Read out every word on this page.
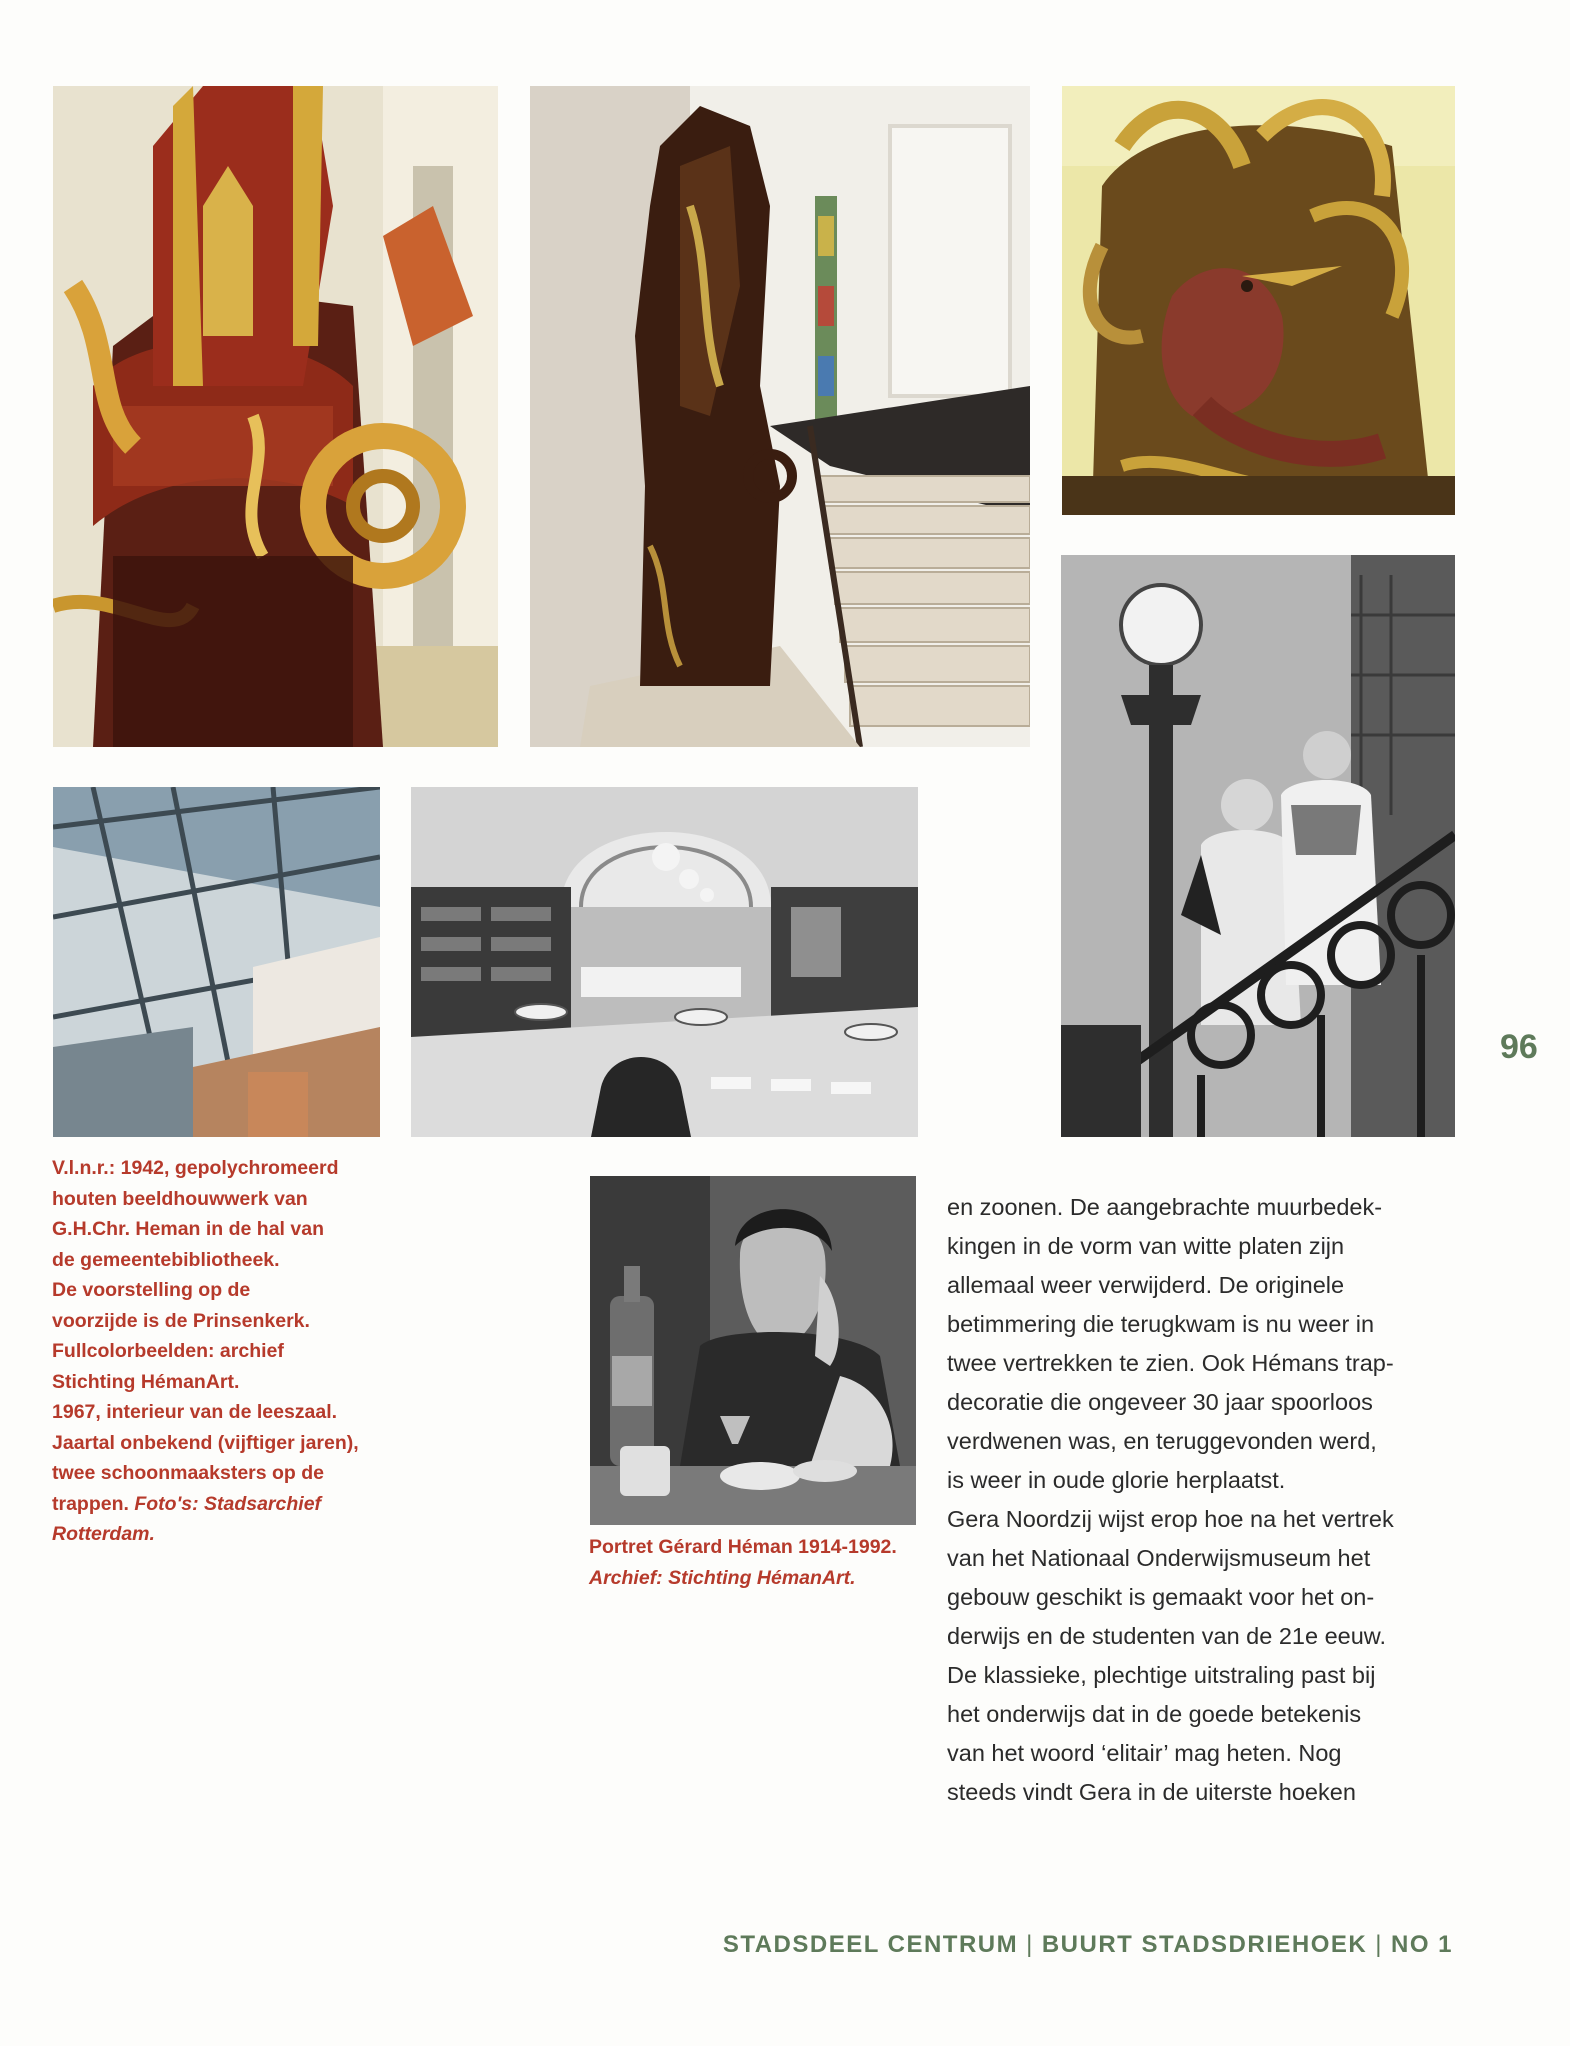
V.l.n.r.: 1942, gepolychromeerd
houten beeldhouwwerk van
G.H.Chr. Heman in de hal van
de gemeentebibliotheek.
De voorstelling op de
voorzijde is de Prinsenkerk.
Fullcolorbeelden: archief
Stichting HémanArt.
1967, interieur van de leeszaal.
Jaartal onbekend (vijftiger jaren),
twee schoonmaaksters op de
trappen. Foto's: Stadsarchief
Rotterdam.
Portret Gérard Héman 1914-1992.
Archief: Stichting HémanArt.
en zoonen. De aangebrachte muurbedek-
kingen in de vorm van witte platen zijn
allemaal weer verwijderd. De originele
betimmering die terugkwam is nu weer in
twee vertrekken te zien. Ook Hémans trap-
decoratie die ongeveer 30 jaar spoorloos
verdwenen was, en teruggevonden werd,
is weer in oude glorie herplaatst.
Gera Noordzij wijst erop hoe na het vertrek
van het Nationaal Onderwijsmuseum het
gebouw geschikt is gemaakt voor het on-
derwijs en de studenten van de 21e eeuw.
De klassieke, plechtige uitstraling past bij
het onderwijs dat in de goede betekenis
van het woord ‘elitair’ mag heten. Nog
steeds vindt Gera in de uiterste hoeken
96
STADSDEEL CENTRUM | BUURT STADSDRIEHOEK | NO 1
